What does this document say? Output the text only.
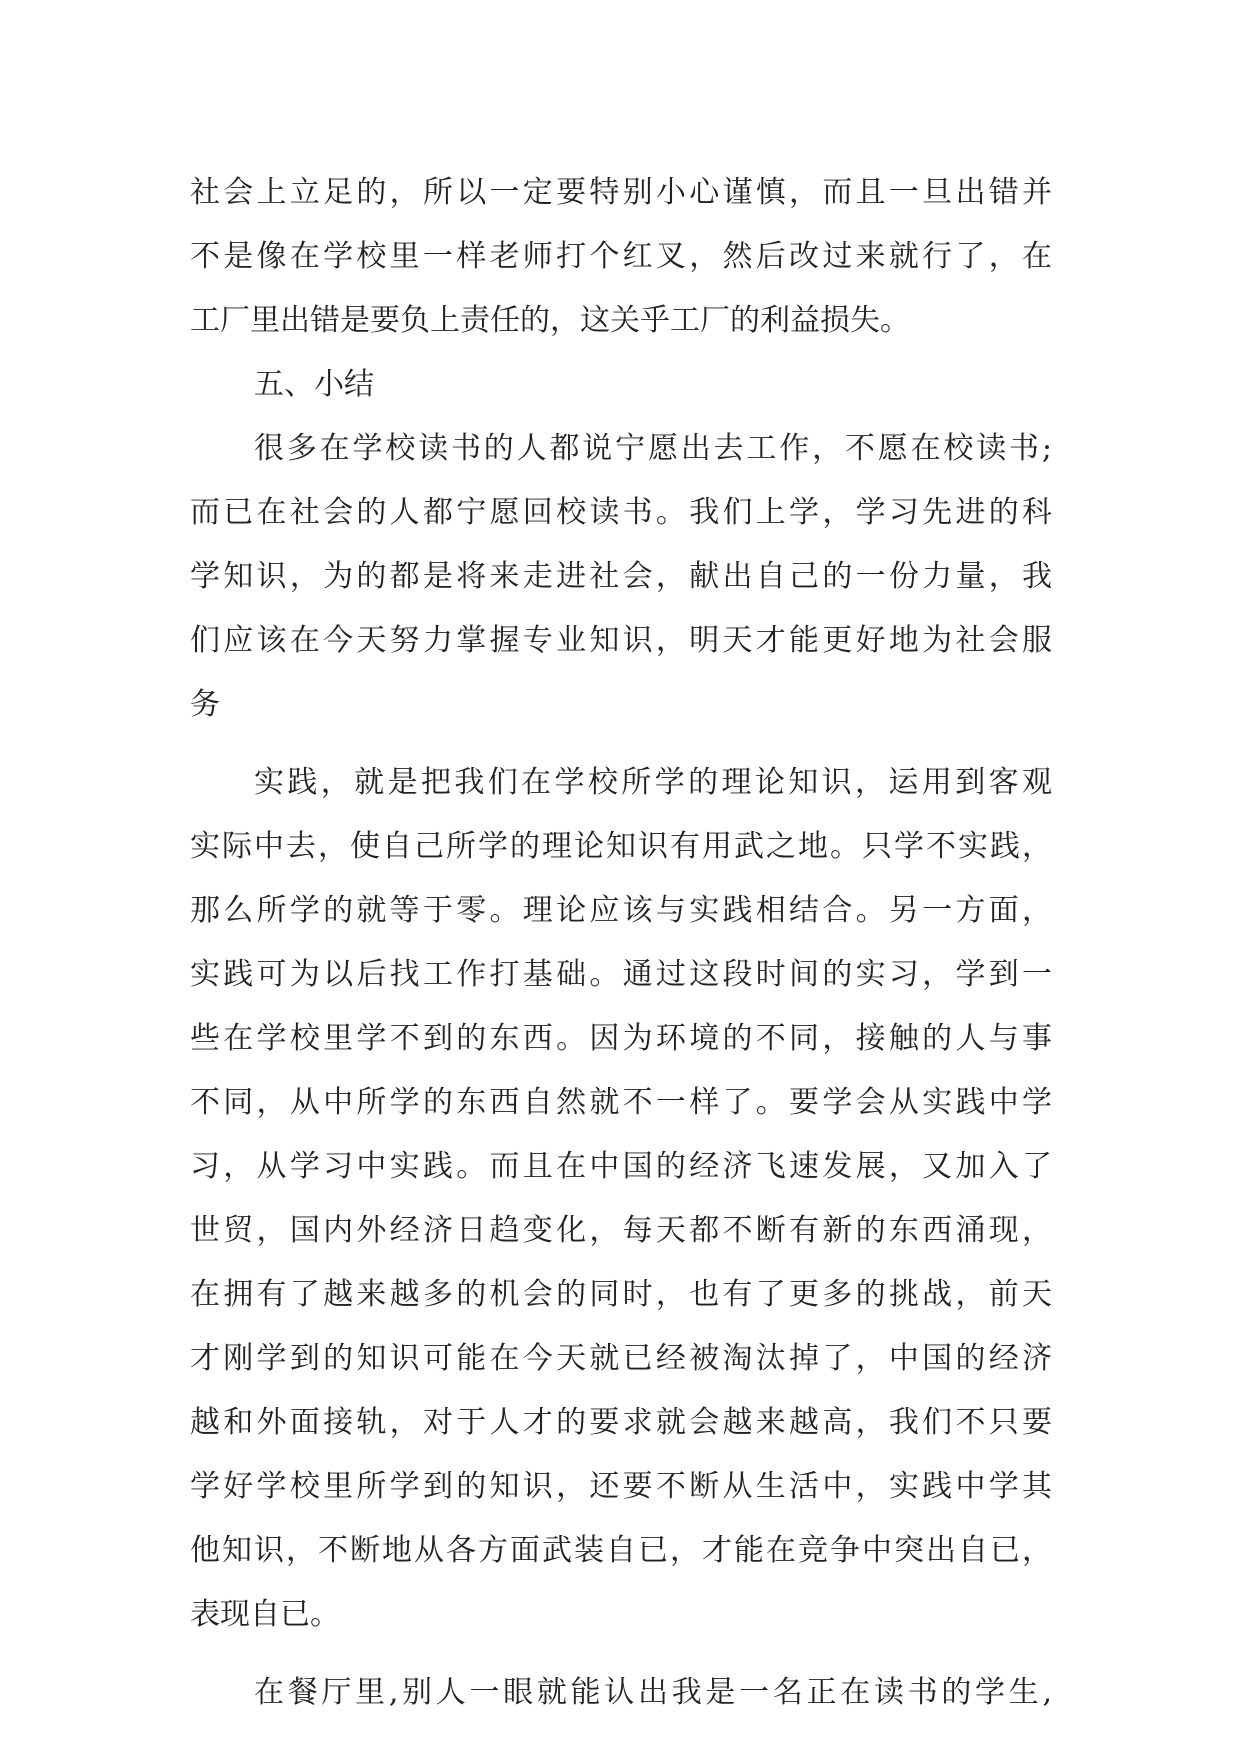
社会上立足的，所以一定要特别小心谨慎，而且一旦出错并
不是像在学校里一样老师打个红叉，然后改过来就行了，在
工厂里出错是要负上责任的，这关乎工厂的利益损失。
五、小结
很多在学校读书的人都说宁愿出去工作，不愿在校读书;
而已在社会的人都宁愿回校读书。我们上学，学习先进的科
学知识，为的都是将来走进社会，献出自己的一份力量，我
们应该在今天努力掌握专业知识，明天才能更好地为社会服
务
实践，就是把我们在学校所学的理论知识，运用到客观
实际中去，使自己所学的理论知识有用武之地。只学不实践，
那么所学的就等于零。理论应该与实践相结合。另一方面，
实践可为以后找工作打基础。通过这段时间的实习，学到一
些在学校里学不到的东西。因为环境的不同，接触的人与事
不同，从中所学的东西自然就不一样了。要学会从实践中学
习，从学习中实践。而且在中国的经济飞速发展，又加入了
世贸，国内外经济日趋变化，每天都不断有新的东西涌现，
在拥有了越来越多的机会的同时，也有了更多的挑战，前天
才刚学到的知识可能在今天就已经被淘汰掉了，中国的经济
越和外面接轨，对于人才的要求就会越来越高，我们不只要
学好学校里所学到的知识，还要不断从生活中，实践中学其
他知识，不断地从各方面武装自已，才能在竞争中突出自已，
表现自已。
在餐厅里,别人一眼就能认出我是一名正在读书的学生,
